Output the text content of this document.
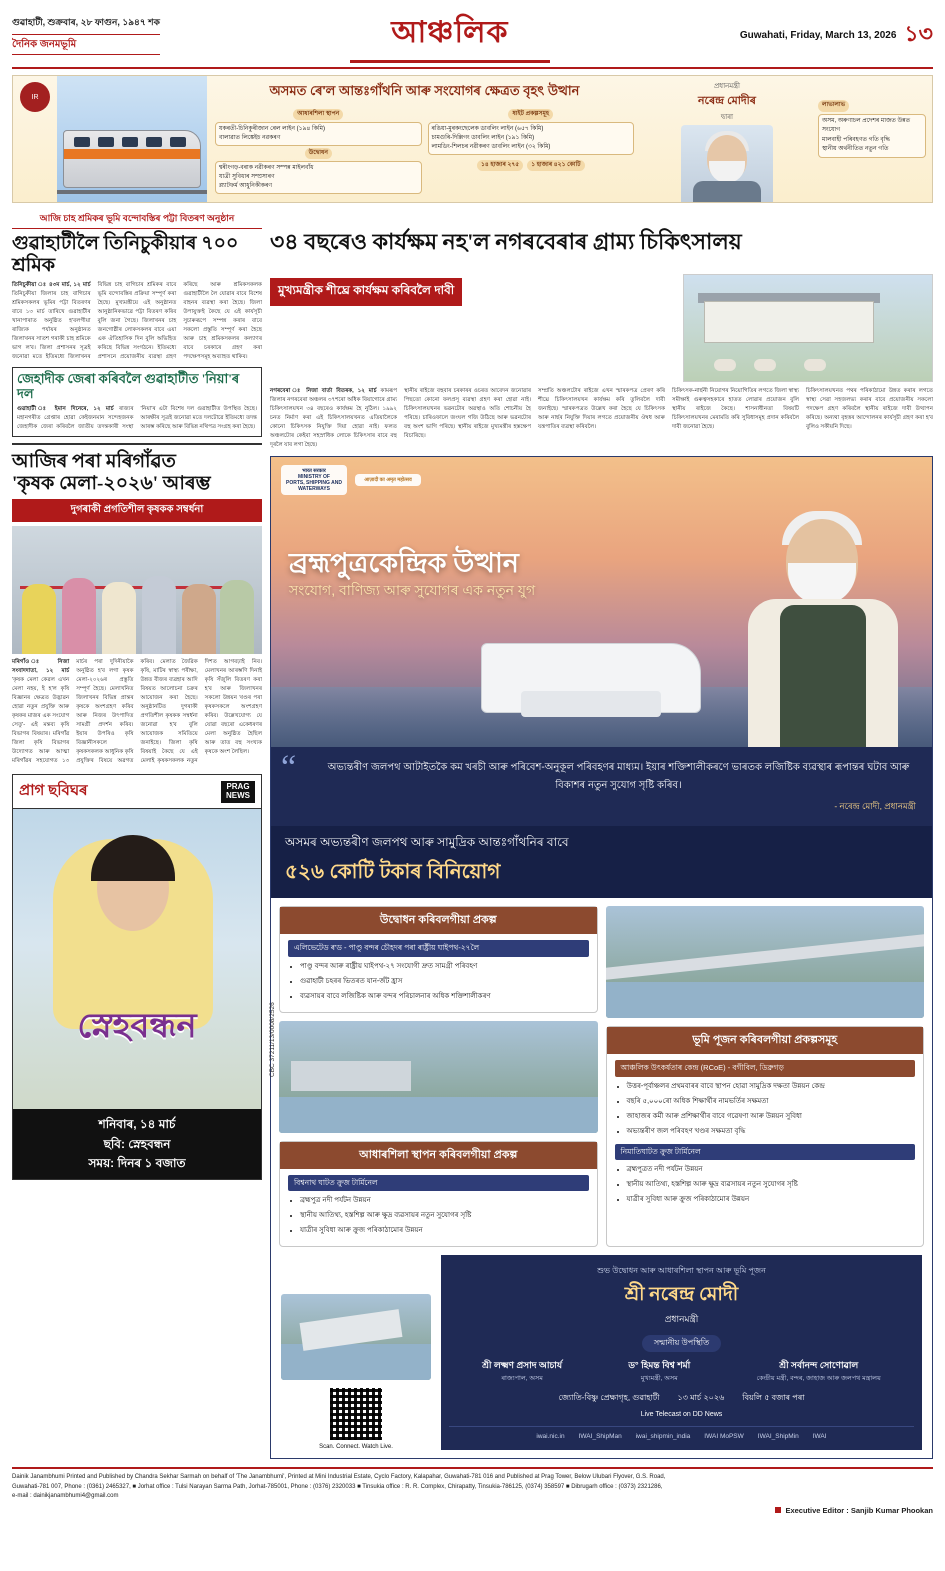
গুৱাহাটী, শুক্ৰবাৰ, ২৮ ফাগুন, ১৯৪৭ শক
দৈনিক জনমভূমি	আঞ্চলিক	Guwahati, Friday, March 13, 2026 ১৩
IR	অসমত ৰে'ল আন্তঃগাঁথনি আৰু সংযোগৰ ক্ষেত্ৰত বৃহৎ উত্থান
আধাৰশিলা স্থাপন
যকৰতী-চিনিকুৰীজান ৰেল লাইন (১৯৪ কিমি)
বালাৱাত লিঙ্কেইচ নৱকৰণ
উদ্বোধন
শ্বৰীংগড়-বৰাক নৱীকৰণ সম্পন্ন মাইলবাঁধ
যাত্ৰী সুবিধাৰ সম্প্ৰসাৰণ
প্ল্যাটফৰ্ম আধুনিকীকৰণ
ষাইট প্ৰকল্পসমূহ
ৰঙিয়া-মুৰকংছেলেক ডাবলিং লাইন (৬৫৭ কিমি)
চামগুৰি-দিল্লিগং ডাবলিং লাইন (১৯১ কিমি)
লামডিং-শিলচৰ নৱীকৰণ ডাবলিং লাইন (৩২ কিমি)
১৪ হাজাৰ ২৭৫	১ হাজাৰ ৪২১ কোটি
প্ৰধানমন্ত্ৰী
নৰেন্দ্ৰ মোদীৰ
দ্বাৰা
লাভালাভ
অসম, অৰুণাচল প্ৰদেশৰ মাজত উন্নত সংযোগ
মালবাহী পৰিবহণত গতি বৃদ্ধি
স্থানীয় অৰ্থনীতিত নতুন গতি
আজি চাহ শ্ৰমিকৰ ভূমি বন্দোবস্তিৰ পট্টা বিতৰণ অনুষ্ঠান
গুৱাহাটীলৈ তিনিচুকীয়াৰ ৭০০ শ্ৰমিক
তিনিচুকীয়া ঃ ৪৩ম মাৰ্চ, ১২ মাৰ্চ তিনিচুকীয়া জিলাৰ চাহ বাগিচাৰ শ্ৰমিকসকলৰ ভূমিৰ পট্টা বিতৰণৰ বাবে ১৩ মাৰ্চ তাৰিখে গুৱাহাটীৰ খানাপাৰাত অনুষ্ঠিত হ'বলগীয়া ৰাজ্যিক পৰ্যায়ৰ অনুষ্ঠানত জিলাখনৰ সাতশ গৰাকী চাহ শ্ৰমিকে ভাগ ল'ব। জিলা প্ৰশাসনৰ সূত্ৰই জনোৱা মতে ইতিমধ্যে জিলাখনৰ বিভিন্ন চাহ বাগিচাৰ শ্ৰমিকৰ বাবে ভূমি বন্দোবস্তিৰ প্ৰক্ৰিয়া সম্পূৰ্ণ কৰা হৈছে। মুখ্যমন্ত্ৰীয়ে এই অনুষ্ঠানত আনুষ্ঠানিকভাৱে পট্টা বিতৰণ কৰিব বুলি জনা গৈছে। জিলাখনৰ চাহ জনগোষ্ঠীৰ লোকসকলৰ বাবে এয়া এক ঐতিহাসিক দিন বুলি অভিহিত কৰিছে বিভিন্ন সংগঠনে। ইতিমধ্যে প্ৰশাসনে প্ৰয়োজনীয় ব্যৱস্থা গ্ৰহণ কৰিছে আৰু শ্ৰমিকসকলক গুৱাহাটীলৈ লৈ যোৱাৰ বাবে বিশেষ বাহনৰ ব্যৱস্থা কৰা হৈছে। জিলা উপায়ুক্তই কৈছে যে এই কাৰ্যসূচী সুচাৰুৰূপে সম্পন্ন কৰাৰ বাবে সকলো প্ৰস্তুতি সম্পূৰ্ণ কৰা হৈছে আৰু চাহ শ্ৰমিকসকলৰ কল্যাণৰ বাবে চৰকাৰে গ্ৰহণ কৰা পদক্ষেপসমূহ অব্যাহত থাকিব।
জেহাদীক জেৰা কৰিবলৈ গুৱাহাটীত 'নিয়া'ৰ দল
গুৱাহাটী ঃ ইমান দিনেৰে, ১২ মাৰ্চ ৰাজ্যৰ মহানগৰীত গ্ৰেপ্তাৰ হোৱা কেইজনমান সন্দেহজনক জেহাদীক জেৰা কৰিবলৈ জাতীয় তদন্তকাৰী সংস্থা 'নিয়া'ৰ এটা বিশেষ দল গুৱাহাটীত উপস্থিত হৈছে। আৰক্ষীৰ সূত্ৰই জনোৱা মতে দলটোৱে ইতিমধ্যে তদন্ত আৰম্ভ কৰিছে আৰু বিভিন্ন নথিপত্ৰ সংগ্ৰহ কৰা হৈছে।
আজিৰ পৰা মৰিগাঁৱত
'কৃষক মেলা-২০২৬' আৰম্ভ
দুগৰাকী প্ৰগতিশীল কৃষকক সম্বৰ্ধনা
মৰিগাঁও ঃ নিজা সংবাদদাতা, ১২ মাৰ্চ 'কৃষক মেলা কেৱল এখন মেলা নহয়, ই হ'ল কৃষি বিজ্ঞানৰ ক্ষেত্ৰত উদ্ভাৱন হোৱা নতুন প্ৰযুক্তি আৰু কৃষকৰ মাজৰ এক সংযোগ সেতু'- এই মন্তব্য কৃষি বিভাগৰ বিষয়াৰ। মৰিগাঁৱ জিলা কৃষি বিভাগৰ উদ্যোগত আৰু আত্মা মৰিগাঁৱৰ সহযোগত ১৩ মাৰ্চৰ পৰা দুদিনীয়াকৈ অনুষ্ঠিত হ'ব লগা কৃষক মেলা-২০২৬ৰ প্ৰস্তুতি সম্পূৰ্ণ হৈছে। মেলাখনিত জিলাখনৰ বিভিন্ন প্ৰান্তৰ কৃষকে অংশগ্ৰহণ কৰিব আৰু নিজৰ উৎপাদিত সামগ্ৰী প্ৰদৰ্শন কৰিব। ইয়াৰ উপৰিও কৃষি বিজ্ঞানীসকলে কৃষকসকলক আধুনিক কৃষি প্ৰযুক্তিৰ বিষয়ে অৱগত কৰিব। মেলাত জৈৱিক কৃষি, মাটিৰ স্বাস্থ্য পৰীক্ষা, উন্নত বীজৰ ব্যৱহাৰ আদি বিষয়ত আলোচনা চক্ৰৰ আয়োজন কৰা হৈছে। অনুষ্ঠানটিত দুগৰাকী প্ৰগতিশীল কৃষকক সম্বৰ্ধনা জনোৱা হ'ব বুলি আয়োজক সমিতিয়ে জনাইছে। জিলা কৃষি বিষয়াই কৈছে যে এই মেলাই কৃষকসকলক নতুন দিশত আগবঢ়াই নিব। মেলাখনৰ আৰম্ভণি দিনাই কৃষি সঁজুলি বিতৰণ কৰা হ'ব আৰু জিলাখনৰ সকলো উন্নয়ন খণ্ডৰ পৰা কৃষকসকলে অংশগ্ৰহণ কৰিব। উল্লেখযোগ্য যে যোৱা বছৰো একেধৰণৰ মেলা অনুষ্ঠিত হৈছিল আৰু তাত বহু সংখ্যক কৃষকে অংশ লৈছিল।
প্ৰাগ ছবিঘৰ	PRAG
NEWS
স্নেহবন্ধন
শনিবাৰ, ১৪ মাৰ্চ
ছবি: স্নেহবন্ধন
সময়: দিনৰ ১ বজাত
৩৪ বছৰেও কাৰ্যক্ষম নহ'ল নগৰবেৰাৰ গ্ৰাম্য চিকিৎসালয়
মুখ্যমন্ত্ৰীক শীঘ্ৰে কাৰ্যক্ষম কৰিবলৈ দাবী
নগৰবেৰা ঃ নিজা বাৰ্তা বিতৰক, ১২ মাৰ্চ কামৰূপ জিলাৰ নগৰবেৰা অঞ্চলৰ ৩৭শৰো অধিক বিয়াগোৰে গ্ৰাম্য চিকিৎসালয়খন ৩৪ বছৰেও কাৰ্যক্ষম হৈ নুঠিল। ১৯৯২ চনত নিৰ্মাণ কৰা এই চিকিৎসালয়খনত এতিয়ালৈকে কোনো চিকিৎসক নিযুক্তি দিয়া হোৱা নাই। ফলত অঞ্চলটোৰ কেইবা সহস্ৰাধিক লোকে চিকিৎসাৰ বাবে বহু দূৰলৈ যাব লগা হৈছে।
স্থানীয় ৰাইজে বহুবাৰ চৰকাৰৰ ওচৰত আবেদন জনোৱাৰ পিছতো কোনো ফলপ্ৰসূ ব্যৱস্থা গ্ৰহণ কৰা হোৱা নাই। চিকিৎসালয়খনৰ ভৱনটোৰ অৱস্থাও অতি শোচনীয় হৈ পৰিছে। চাৰিওফালে জংঘল গজি উঠিছে আৰু ভৱনটোৰ বহু অংশ ভাগি পৰিছে। স্থানীয় ৰাইজে মুখ্যমন্ত্ৰীৰ হস্তক্ষেপ বিচাৰিছে।
সম্প্ৰতি অঞ্চলটোৰ ৰাইজে এখন স্মাৰকপত্ৰ প্ৰেৰণ কৰি শীঘ্ৰে চিকিৎসালয়খন কাৰ্যক্ষম কৰি তুলিবলৈ দাবী জনাইছে। স্মাৰকপত্ৰত উল্লেখ কৰা হৈছে যে চিকিৎসক আৰু নাৰ্ছৰ নিযুক্তি দিয়াৰ লগতে প্ৰয়োজনীয় ঔষধ আৰু যন্ত্ৰপাতিৰ ব্যৱস্থা কৰিবলৈ।
চিকিৎসক-নাৰ্ছনী নিয়োগৰ নিয়োগিতিৰ লগতে জিলা স্বাস্থ্য সমীক্ষাই গুৰুত্বসহকাৰে হাতত লোৱাৰ প্ৰয়োজন বুলি স্থানীয় ৰাইজে কৈছে। শাসনাধীনতা বিষয়টি চিকিৎসালয়খনৰ মেৰামতি কৰি সুবিধাসমূহ প্ৰদান কৰিবলৈ দাবী জনোৱা হৈছে।
চিকিৎসালয়খনত পথৰ পৰিকাঠামো উন্নত কৰাৰ লগতে স্বাস্থ্য সেৱা সহজলভ্য কৰাৰ বাবে প্ৰয়োজনীয় সকলো পদক্ষেপ গ্ৰহণ কৰিবলৈ স্থানীয় ৰাইজে দাবী উত্থাপন কৰিছে। অন্যথা বৃহত্তৰ আন্দোলনৰ কাৰ্যসূচী গ্ৰহণ কৰা হ'ব বুলিও সকীয়নি দিছে।
CBC 37211/13/0008/2526
भारत सरकार
MINISTRY OF
PORTS, SHIPPING AND WATERWAYS
आज़ादी का अमृत महोत्सव
ব্ৰহ্মপুত্ৰকেন্দ্ৰিক উত্থান
সংযোগ, বাণিজ্য আৰু সুযোগৰ এক নতুন যুগ
“	অভ্যন্তৰীণ জলপথ আটাইতকৈ কম খৰচী আৰু পৰিবেশ-অনুকূল পৰিবহণৰ মাধ্যম। ইয়াৰ শক্তিশালীকৰণে ভাৰতক লজিষ্টিক ব্যৱস্থাৰ ৰূপান্তৰ ঘটাব আৰু বিকাশৰ নতুন সুযোগ সৃষ্টি কৰিব।
- নৰেন্দ্ৰ মোদী, প্ৰধানমন্ত্ৰী
অসমৰ অভ্যন্তৰীণ জলপথ আৰু সামুদ্ৰিক আন্তঃগাঁথনিৰ বাবে
৫২৬ কোটি টকাৰ বিনিয়োগ
উদ্বোধন কৰিবলগীয়া প্ৰকল্প
এলিভেটেড ৰ'ড - পাণ্ডু বন্দৰ চৌহদৰ পৰা ৰাষ্ট্ৰীয় ঘাইপথ-২৭লৈ
• পাণ্ডু বন্দৰ আৰু ৰাষ্ট্ৰীয় ঘাইপথ-২৭ সংযোগী দ্ৰুত সামগ্ৰী পৰিবহণ
• গুৱাহাটী চহৰৰ ভিতৰত যান-জঁট হ্ৰাস
• ব্যৱসায়ৰ বাবে লজিষ্টিক আৰু বন্দৰ পৰিচালনাৰ অধিক শক্তিশালীকৰণ
আধাৰশিলা স্থাপন কৰিবলগীয়া প্ৰকল্প
বিশ্বনাথ ঘাটত ক্ৰুজ টাৰ্মিনেল
• ব্ৰহ্মপুত্ৰ নদী পৰ্যটন উন্নয়ন
• স্থানীয় আতিথ্য, হস্তশিল্প আৰু ক্ষুদ্ৰ ব্যৱসায়ৰ নতুন সুযোগৰ সৃষ্টি
• যাত্ৰীৰ সুবিধা আৰু ক্ৰুজ পৰিকাঠামোৰ উন্নয়ন
ভূমি পূজন কৰিবলগীয়া প্ৰকল্পসমূহ
আঞ্চলিক উৎকৰ্ষতাৰ কেন্দ্ৰ (RCoE) - বগীবিল, ডিব্ৰুগড়
• উত্তৰ-পূৰ্বাঞ্চলৰ প্ৰথমবাৰৰ বাবে স্থাপন হোৱা সামুদ্ৰিক দক্ষতা উন্নয়ন কেন্দ্ৰ
• বছৰি ৫,০০০ৰো অধিক শিক্ষাৰ্থীৰ নামভৰ্তিৰ সক্ষমতা
• জাহাজৰ কৰ্মী আৰু প্ৰশিক্ষাৰ্থীৰ বাবে গৱেষণা আৰু উন্নয়ন সুবিধা
• অভ্যন্তৰীণ জল পৰিবহণ খণ্ডৰ সক্ষমতা বৃদ্ধি
নিমাতিঘাটত ক্ৰুজ টাৰ্মিনেল
• ব্ৰহ্মপুত্ৰত নদী পৰ্যটন উন্নয়ন
• স্থানীয় আতিথ্য, হস্তশিল্প আৰু ক্ষুদ্ৰ ব্যৱসায়ৰ নতুন সুযোগৰ সৃষ্টি
• যাত্ৰীৰ সুবিধা আৰু ক্ৰুজ পৰিকাঠামোৰ উন্নয়ন
Scan. Connect. Watch Live.
শুভ উদ্বোধন আৰু আধাৰশিলা স্থাপন আৰু ভূমি পূজন
শ্ৰী নৰেন্দ্ৰ মোদী
প্ৰধানমন্ত্ৰী
সন্মানীয় উপস্থিতি
শ্ৰী লক্ষ্মণ প্ৰসাদ আচাৰ্য
ৰাজ্যপাল, অসম
ড° হিমন্ত বিশ্ব শৰ্মা
মুখ্যমন্ত্ৰী, অসম
শ্ৰী সৰ্বানন্দ সোণোৱাল
কেন্দ্ৰীয় মন্ত্ৰী, বন্দৰ, জাহাজ আৰু জলপথ মন্ত্ৰালয়
জ্যোতি-বিষ্ণু প্ৰেক্ষাগৃহ, গুৱাহাটী ১৩ মাৰ্চ ২০২৬ বিয়লি ৫ বজাৰ পৰা
Live Telecast on DD News
iwai.nic.in IWAI_ShipMan iwai_shipmin_india IWAI MoPSW IWAI_ShipMin IWAI
Dainik Janambhumi Printed and Published by Chandra Sekhar Sarmah on behalf of 'The Janambhumi', Printed at Mini Industrial Estate, Cyclo Factory, Kalapahar, Guwahati-781 016 and Published at Prag Tower, Below Ulubari Flyover, G.S. Road,
Guwahati-781 007, Phone : (0361) 2465327, ■ Jorhat office : Tulsi Narayan Sarma Path, Jorhat-785001, Phone : (0376) 2320033 ■ Tinsukia office : R. R. Complex, Chirapatty, Tinsukia-786125, (0374) 358597 ■ Dibrugarh office : (0373) 2321286,
e-mail : dainikjanambhumi4@gmail.com
Executive Editor : Sanjib Kumar Phookan
